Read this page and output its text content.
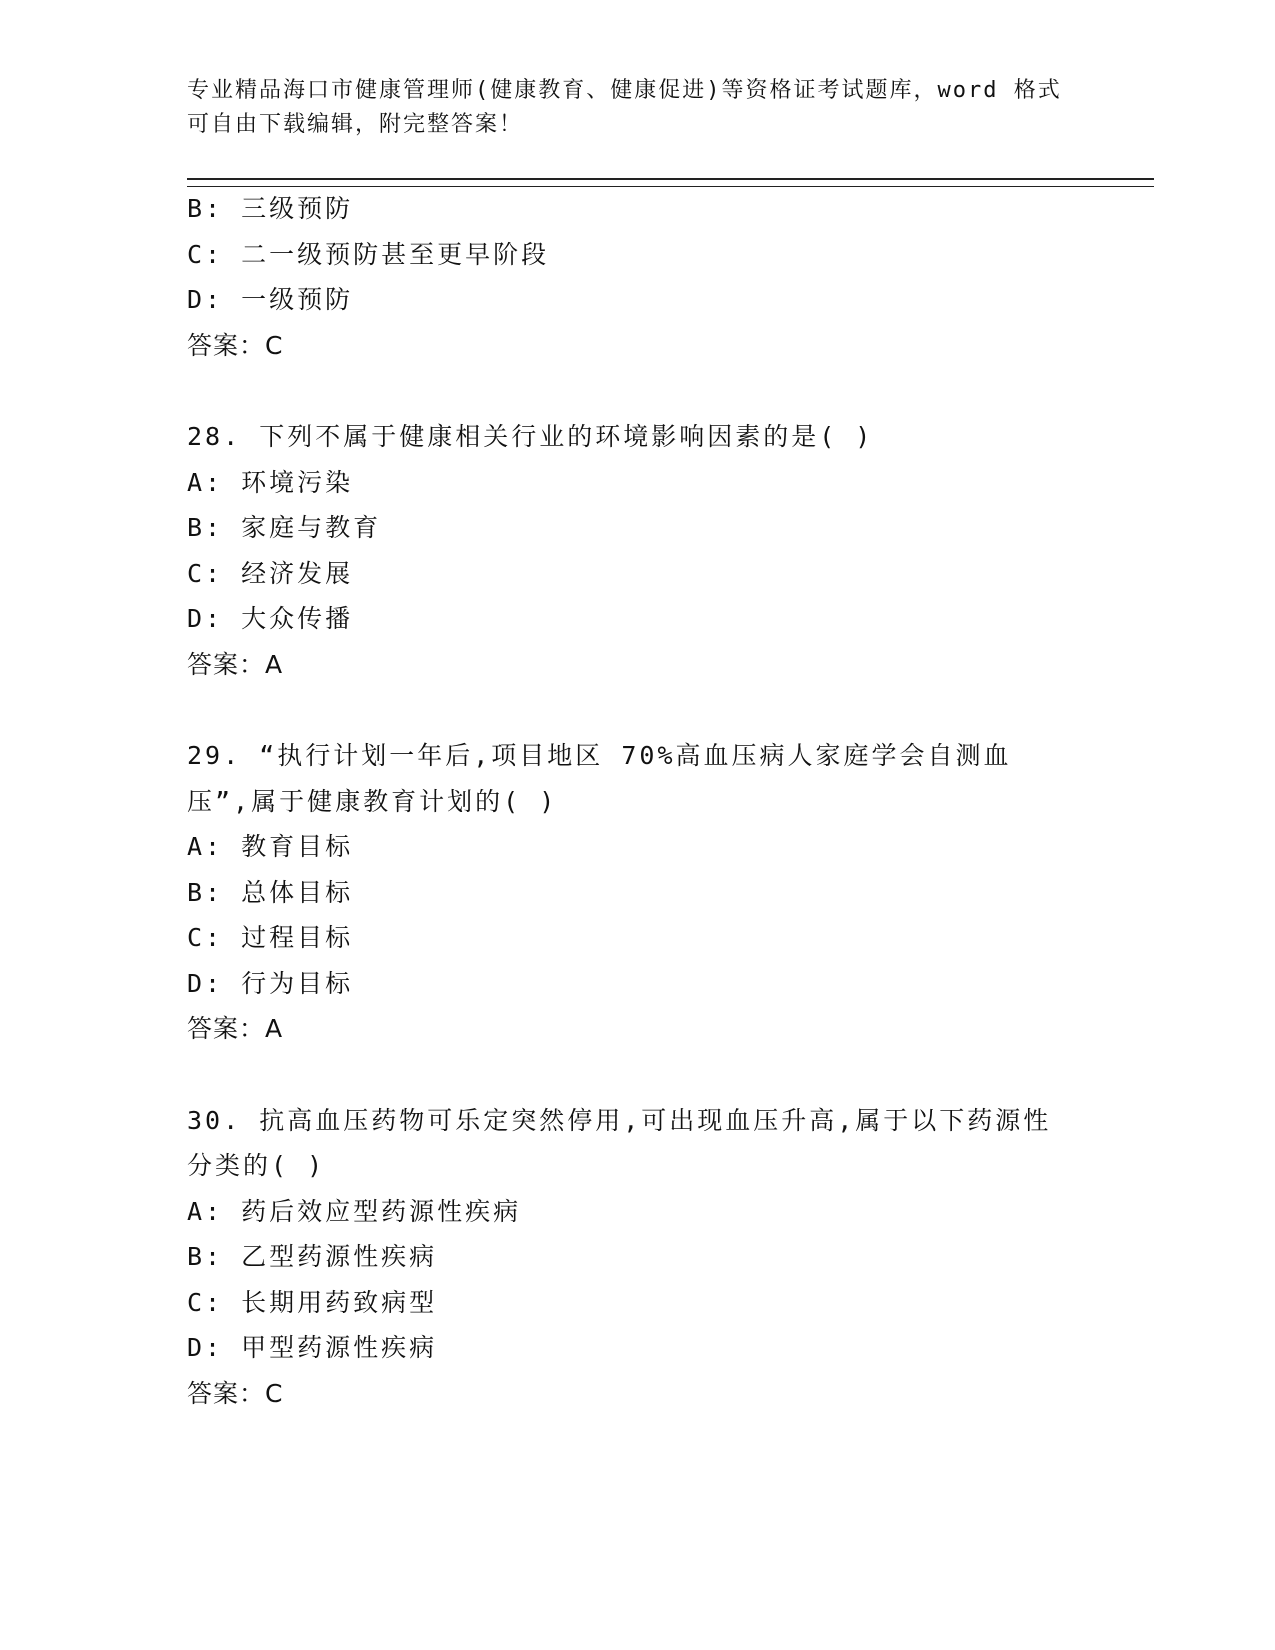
专业精品海口市健康管理师(健康教育、健康促进)等资格证考试题库，word 格式
可自由下载编辑，附完整答案！
B: 三级预防
C: 二一级预防甚至更早阶段
D: 一级预防
答案：C
28. 下列不属于健康相关行业的环境影响因素的是( )
A: 环境污染
B: 家庭与教育
C: 经济发展
D: 大众传播
答案：A
29. “执行计划一年后,项目地区 70%高血压病人家庭学会自测血压”,属于健康教育计划的( )
A: 教育目标
B: 总体目标
C: 过程目标
D: 行为目标
答案：A
30. 抗高血压药物可乐定突然停用,可出现血压升高,属于以下药源性分类的( )
A: 药后效应型药源性疾病
B: 乙型药源性疾病
C: 长期用药致病型
D: 甲型药源性疾病
答案：C
